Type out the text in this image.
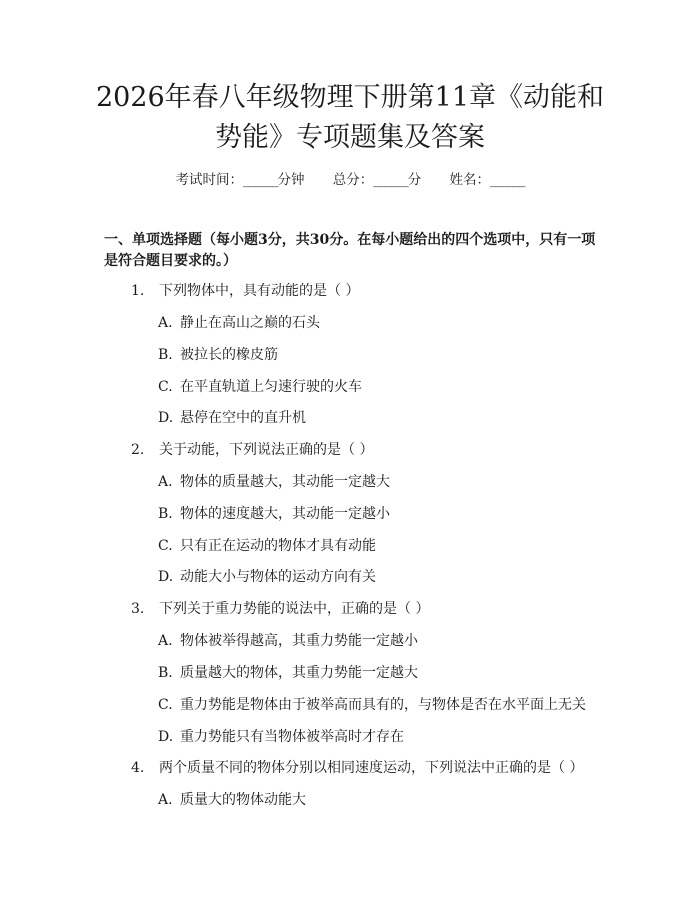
2026年春八年级物理下册第11章《动能和
势能》专项题集及答案
考试时间：______分钟 总分：______分 姓名：______

一、单项选择题（每小题3分，共30分。在每小题给出的四个选项中，只有一项是符合题目要求的。）

1. 下列物体中，具有动能的是（ ）
A. 静止在高山之巅的石头
B. 被拉长的橡皮筋
C. 在平直轨道上匀速行驶的火车
D. 悬停在空中的直升机
2. 关于动能，下列说法正确的是（ ）
A. 物体的质量越大，其动能一定越大
B. 物体的速度越大，其动能一定越小
C. 只有正在运动的物体才具有动能
D. 动能大小与物体的运动方向有关
3. 下列关于重力势能的说法中，正确的是（ ）
A. 物体被举得越高，其重力势能一定越小
B. 质量越大的物体，其重力势能一定越大
C. 重力势能是物体由于被举高而具有的，与物体是否在水平面上无关
D. 重力势能只有当物体被举高时才存在
4. 两个质量不同的物体分别以相同速度运动，下列说法中正确的是（ ）
A. 质量大的物体动能大
